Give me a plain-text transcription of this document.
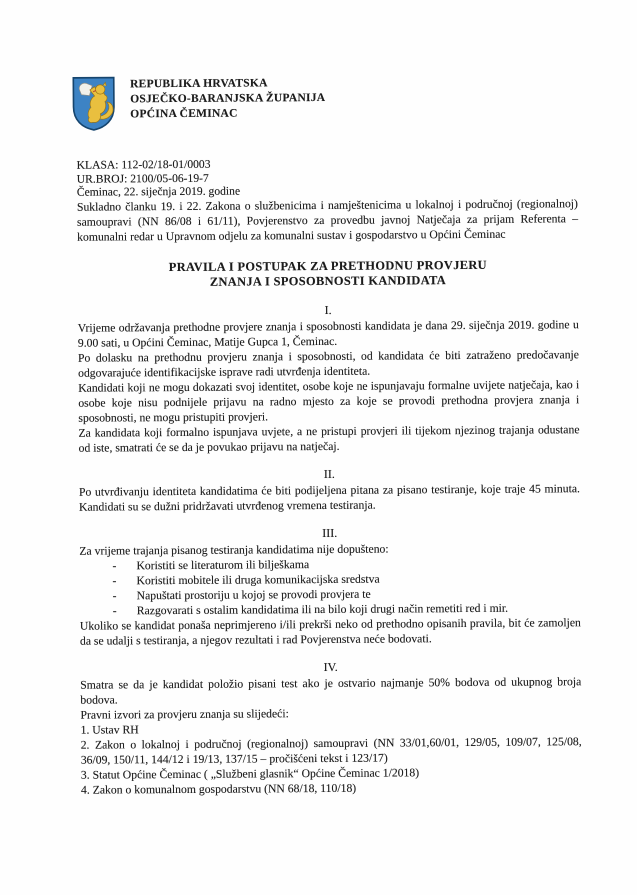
REPUBLIKA HRVATSKA
OSJEČKO-BARANJSKA ŽUPANIJA
OPĆINA ČEMINAC
KLASA: 112-02/18-01/0003
UR.BROJ: 2100/05-06-19-7
Čeminac, 22. siječnja 2019. godine

Sukladno članku 19. i 22. Zakona o službenicima i namještenicima u lokalnoj i područnoj (regionalnoj) samoupravi (NN 86/08 i 61/11), Povjerenstvo za provedbu javnoj Natječaja za prijam Referenta – komunalni redar u Upravnom odjelu za komunalni sustav i gospodarstvo u Općini Čeminac

PRAVILA I POSTUPAK ZA PRETHODNU PROVJERU
ZNANJA I SPOSOBNOSTI KANDIDATA
I.

Vrijeme održavanja prethodne provjere znanja i sposobnosti kandidata je dana 29. siječnja 2019. godine u 9.00 sati, u Općini Čeminac, Matije Gupca 1, Čeminac.

Po dolasku na prethodnu provjeru znanja i sposobnosti, od kandidata će biti zatraženo predočavanje odgovarajuće identifikacijske isprave radi utvrđenja identiteta.

Kandidati koji ne mogu dokazati svoj identitet, osobe koje ne ispunjavaju formalne uvijete natječaja, kao i osobe koje nisu podnijele prijavu na radno mjesto za koje se provodi prethodna provjera znanja i sposobnosti, ne mogu pristupiti provjeri.

Za kandidata koji formalno ispunjava uvjete, a ne pristupi provjeri ili tijekom njezinog trajanja odustane od iste, smatrati će se da je povukao prijavu na natječaj.

II.

Po utvrđivanju identiteta kandidatima će biti podijeljena pitana za pisano testiranje, koje traje 45 minuta. Kandidati su se dužni pridržavati utvrđenog vremena testiranja.

III.

Za vrijeme trajanja pisanog testiranja kandidatima nije dopušteno:

-	Koristiti se literaturom ili bilješkama
-	Koristiti mobitele ili druga komunikacijska sredstva
-	Napuštati prostoriju u kojoj se provodi provjera te
-	Razgovarati s ostalim kandidatima ili na bilo koji drugi način remetiti red i mir.

Ukoliko se kandidat ponaša neprimjereno i/ili prekrši neko od prethodno opisanih pravila, bit će zamoljen da se udalji s testiranja, a njegov rezultati i rad Povjerenstva neće bodovati.

IV.

Smatra se da je kandidat položio pisani test ako je ostvario najmanje 50% bodova od ukupnog broja bodova.

Pravni izvori za provjeru znanja su slijedeći:

1. Ustav RH

2. Zakon o lokalnoj i područnoj (regionalnoj) samoupravi (NN 33/01,60/01, 129/05, 109/07, 125/08, 36/09, 150/11, 144/12 i 19/13, 137/15 – pročišćeni tekst i 123/17)

3. Statut Općine Čeminac ( „Službeni glasnik“ Općine Čeminac 1/2018)

4. Zakon o komunalnom gospodarstvu (NN 68/18, 110/18)
